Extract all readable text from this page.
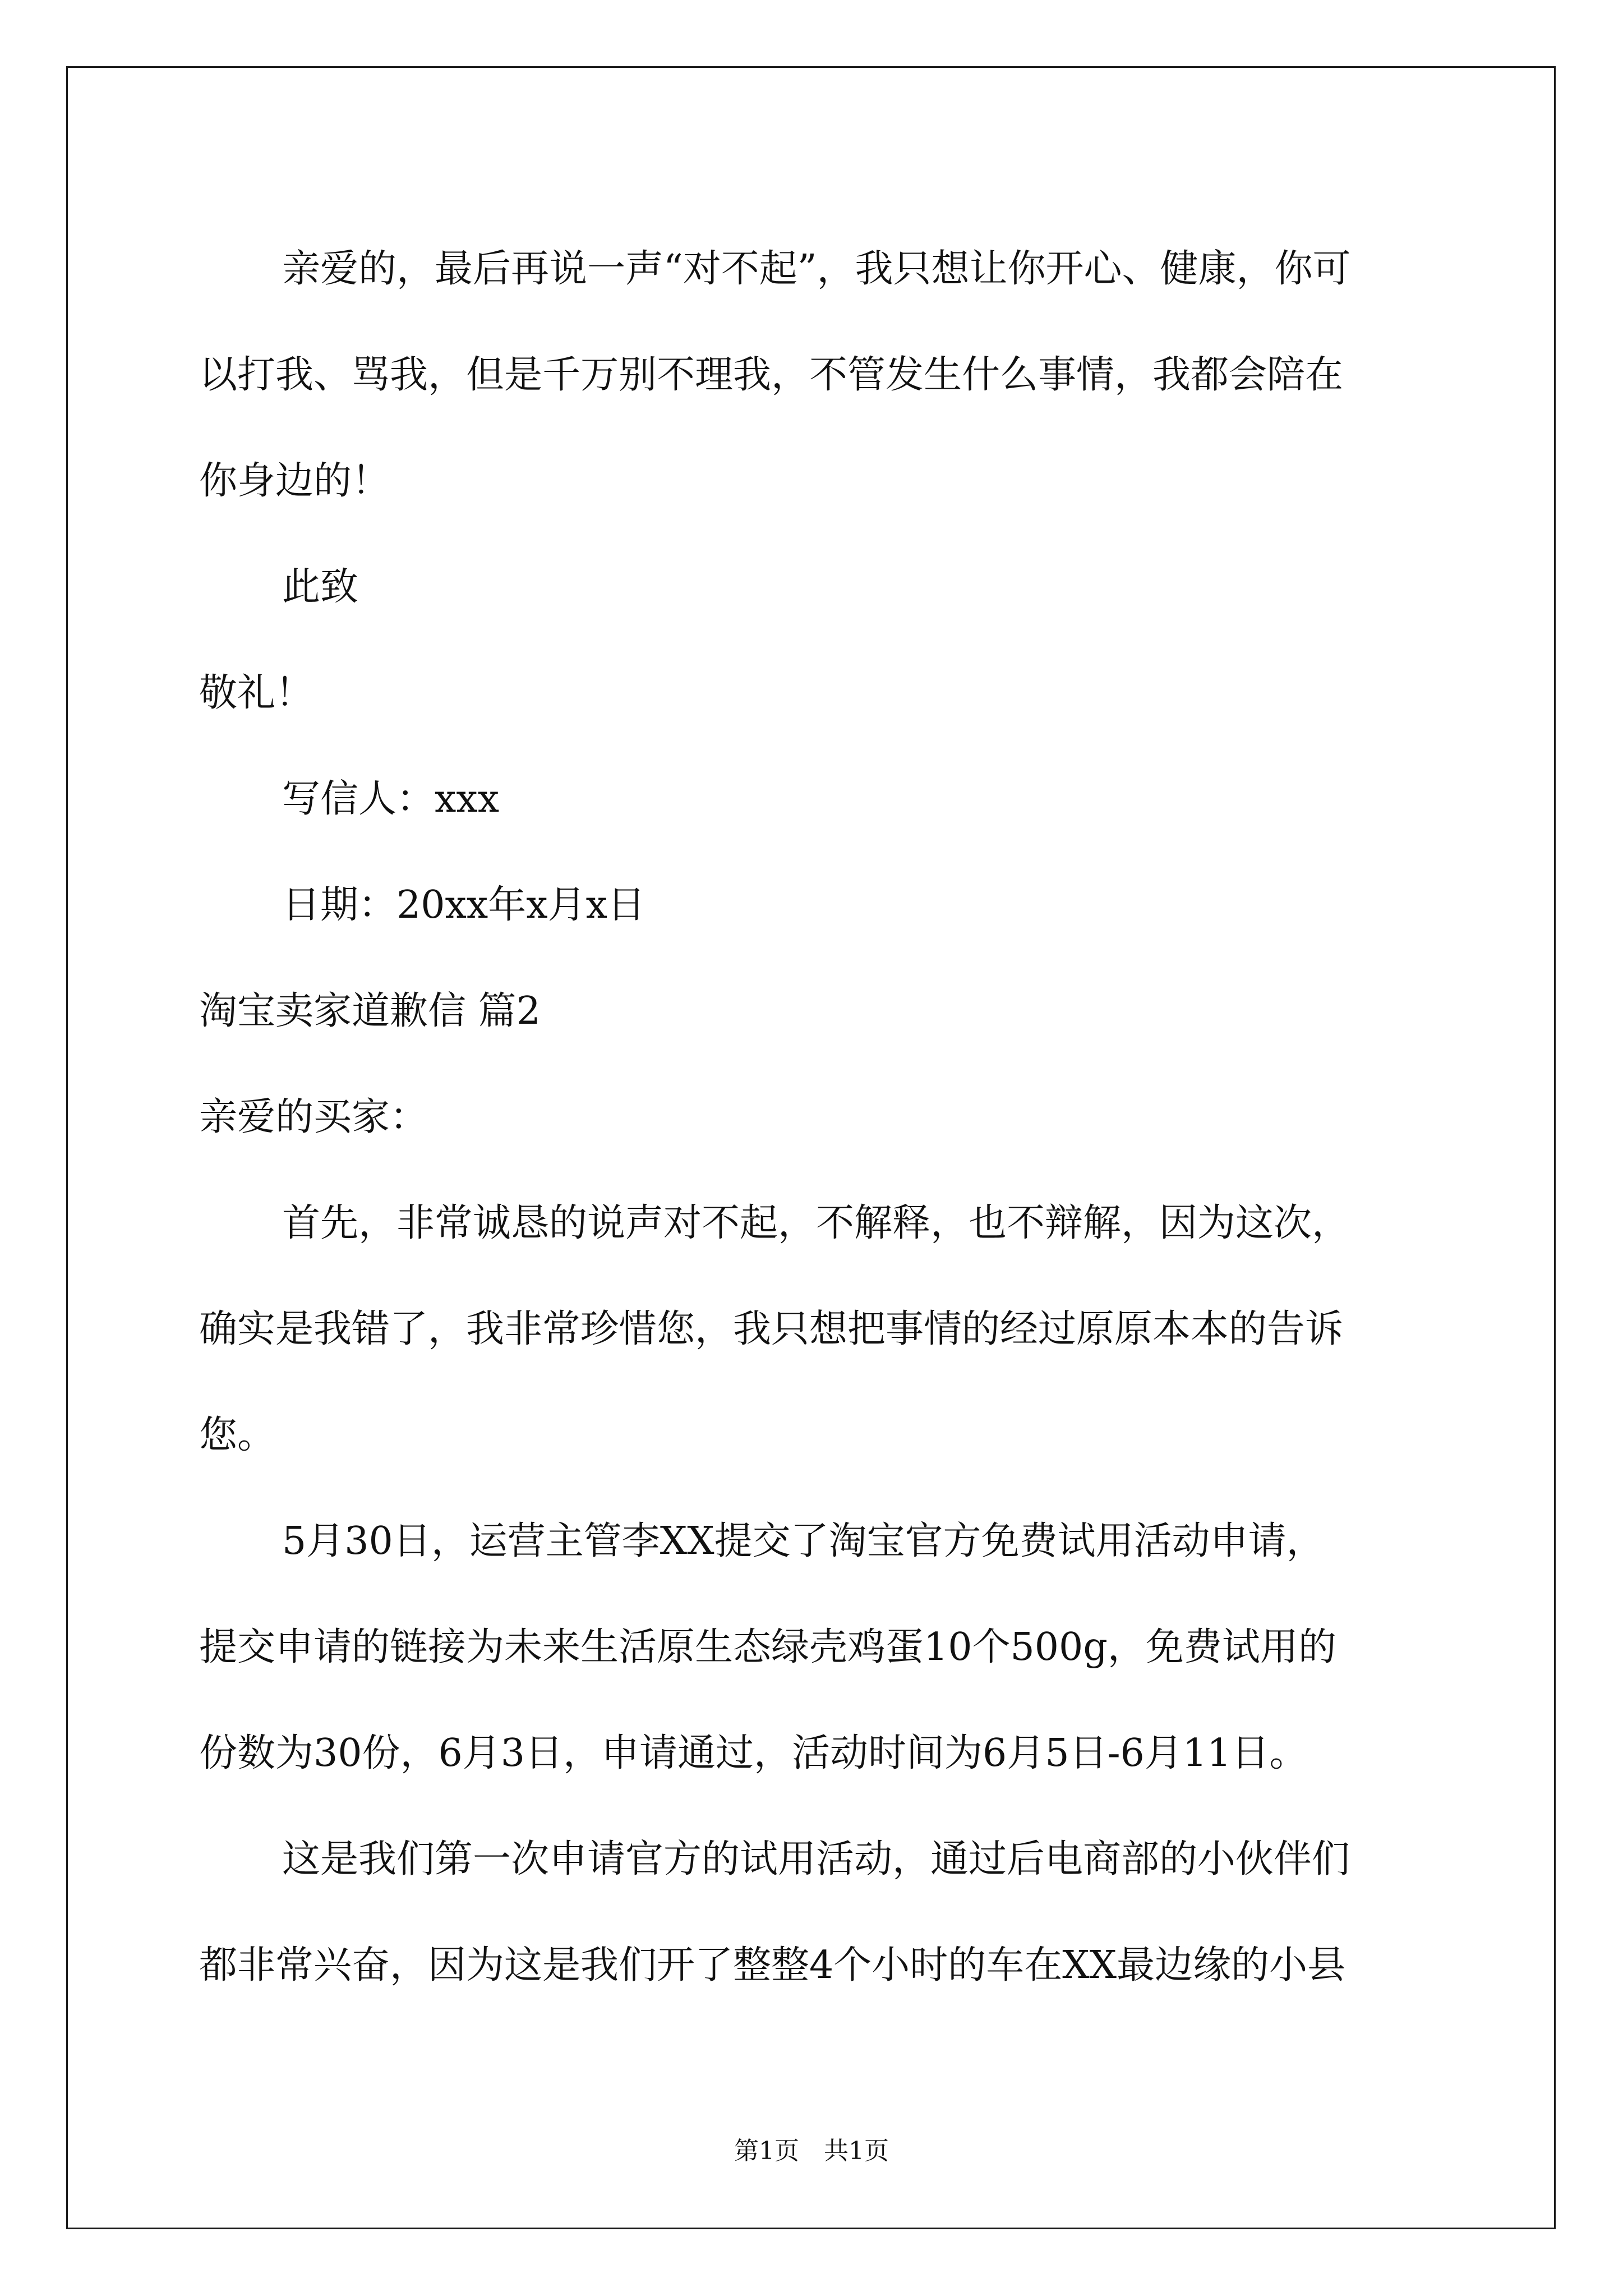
亲爱的，最后再说一声“对不起”，我只想让你开心、健康，你可
以打我、骂我，但是千万别不理我，不管发生什么事情，我都会陪在
你身边的！
此致
敬礼！
写信人：xxx
日期：20xx年x月x日
淘宝卖家道歉信 篇2
亲爱的买家：
首先，非常诚恳的说声对不起，不解释，也不辩解，因为这次，
确实是我错了，我非常珍惜您，我只想把事情的经过原原本本的告诉
您。
5月30日，运营主管李XX提交了淘宝官方免费试用活动申请，
提交申请的链接为未来生活原生态绿壳鸡蛋10个500g，免费试用的
份数为30份，6月3日，申请通过，活动时间为6月5日-6月11日。
这是我们第一次申请官方的试用活动，通过后电商部的小伙伴们
都非常兴奋，因为这是我们开了整整4个小时的车在XX最边缘的小县
第1页　共1页
